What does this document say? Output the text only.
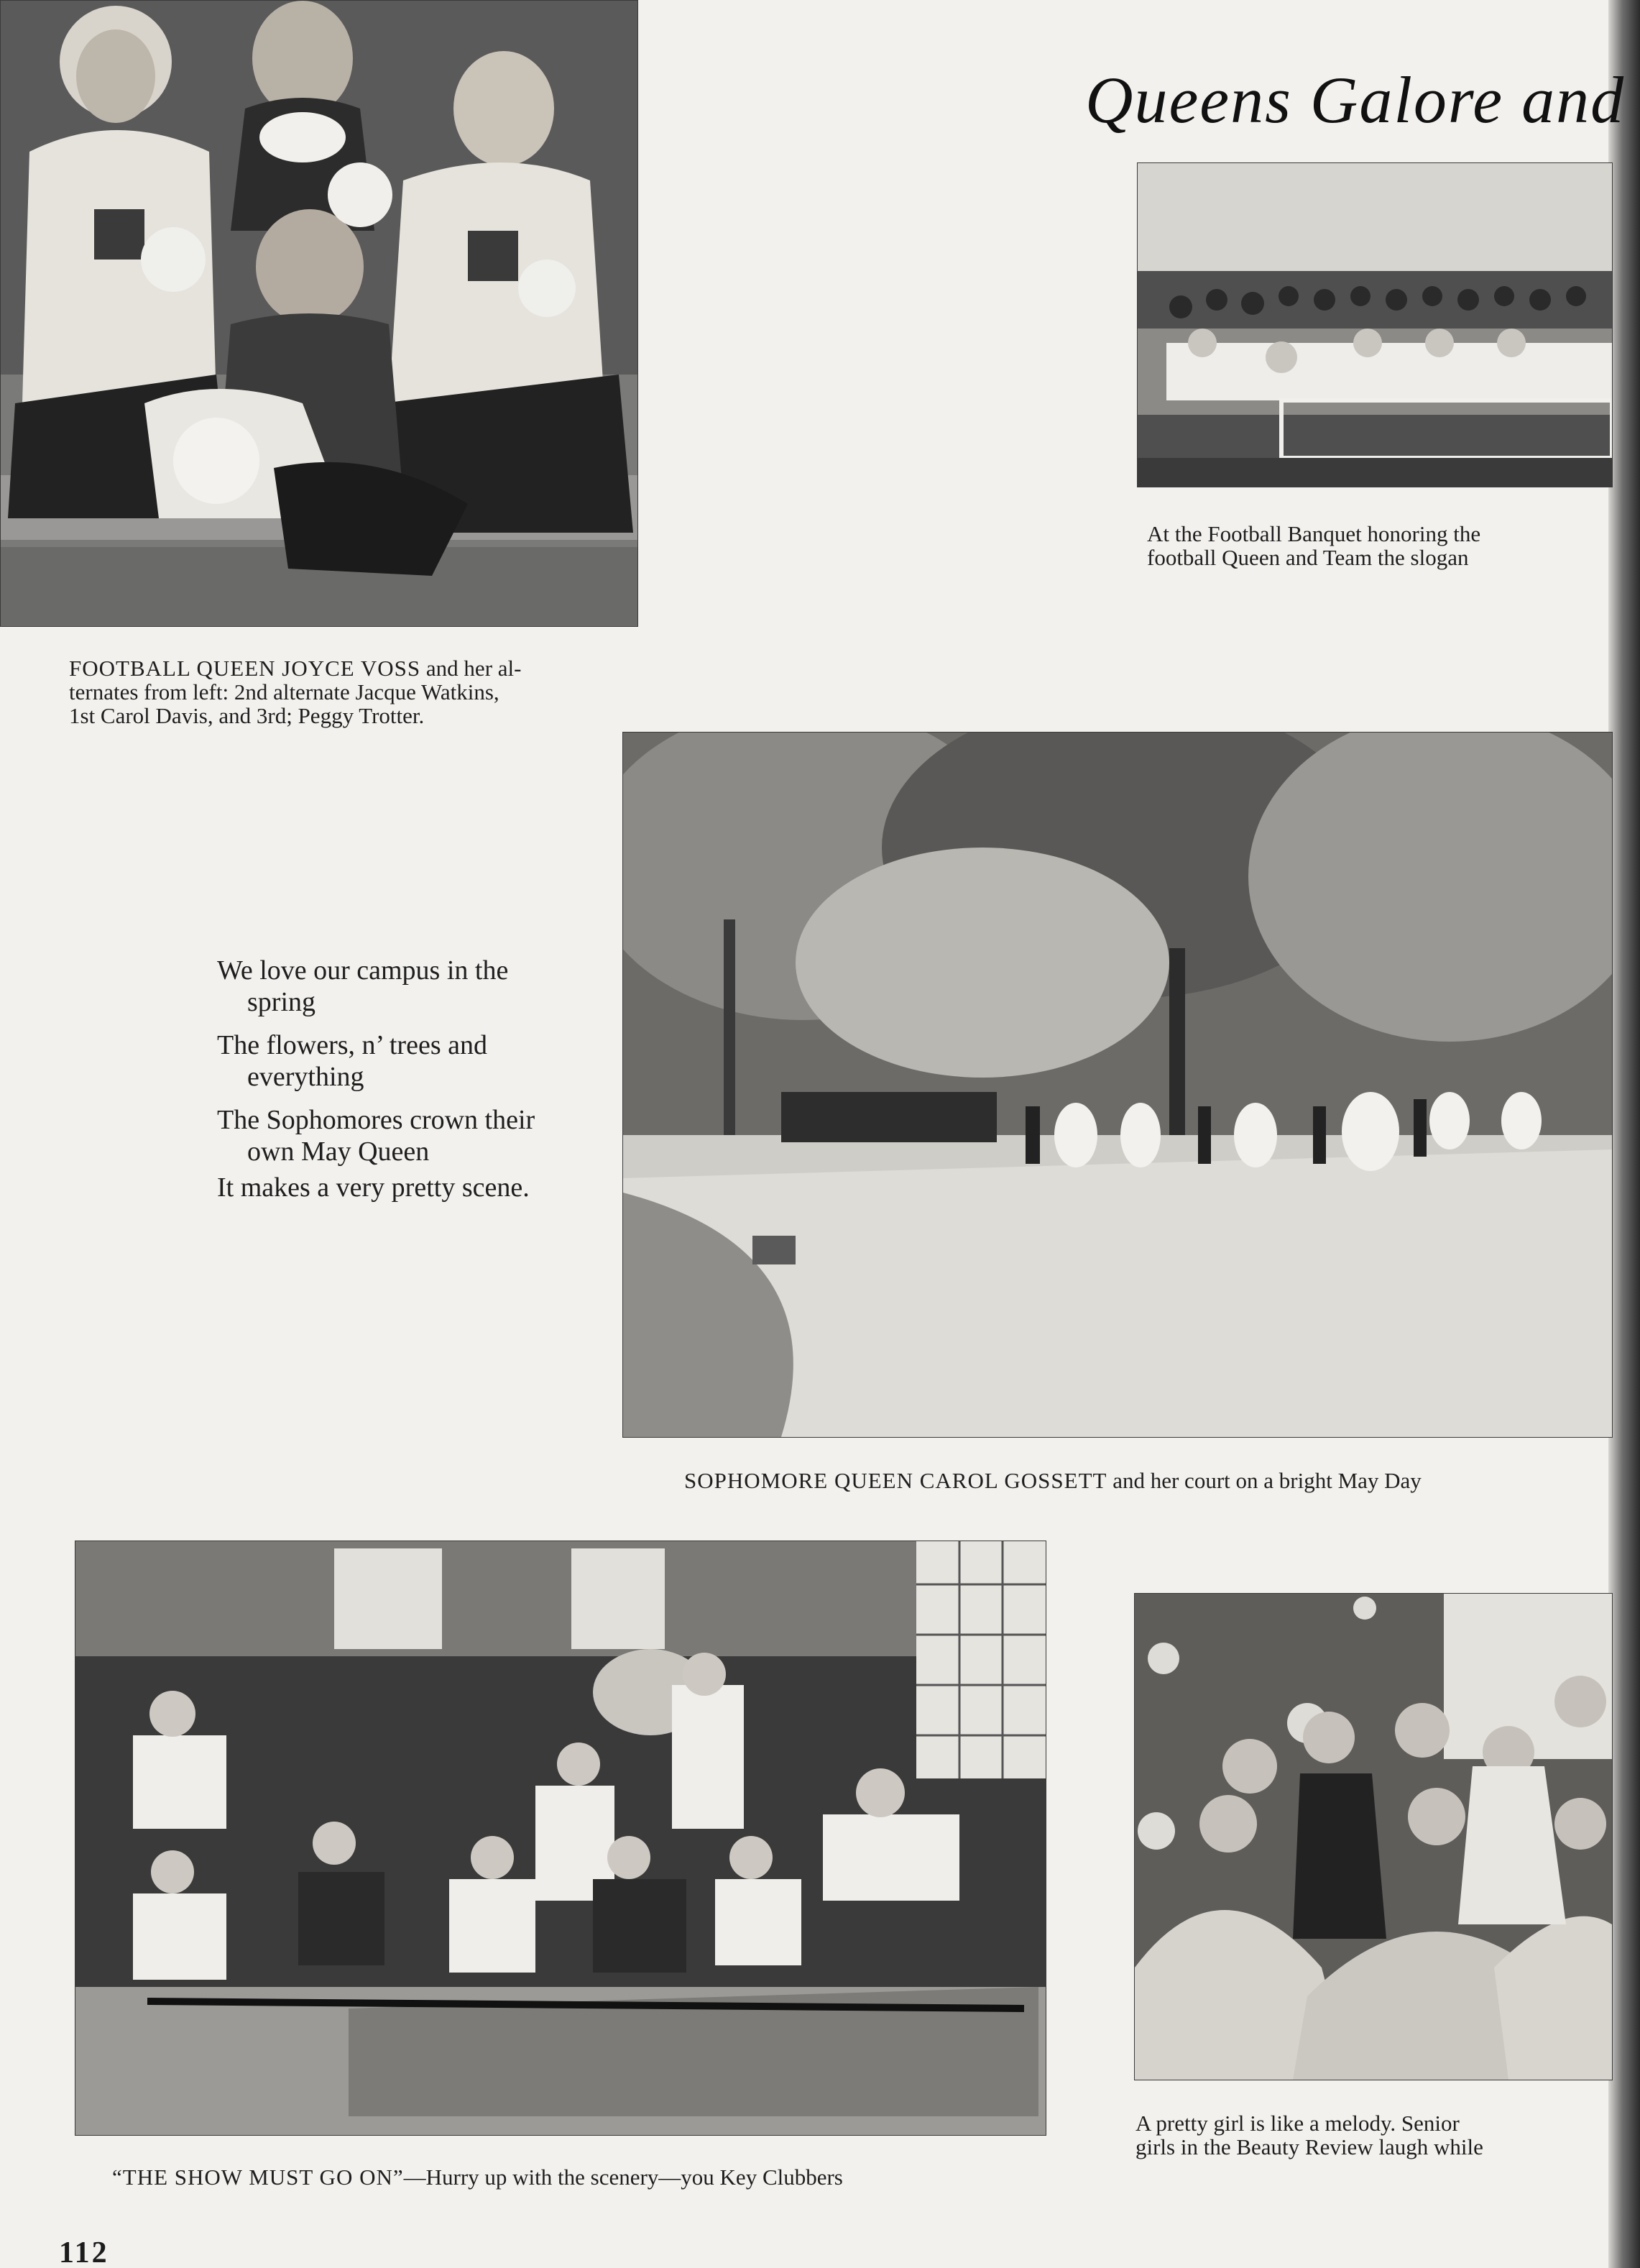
FOOTBALL QUEEN JOYCE VOSS and her al-
ternates from left: 2nd alternate Jacque Watkins,
1st Carol Davis, and 3rd; Peggy Trotter.
Queens Galore and
At the Football Banquet honoring the
football Queen and Team the slogan

We love our campus in the

spring

The flowers, n’ trees and

everything

The Sophomores crown their

own May Queen

It makes a very pretty scene.

SOPHOMORE QUEEN CAROL GOSSETT and her court on a bright May Day
“THE SHOW MUST GO ON”—Hurry up with the scenery—you Key Clubbers
A pretty girl is like a melody. Senior
girls in the Beauty Review laugh while
112
